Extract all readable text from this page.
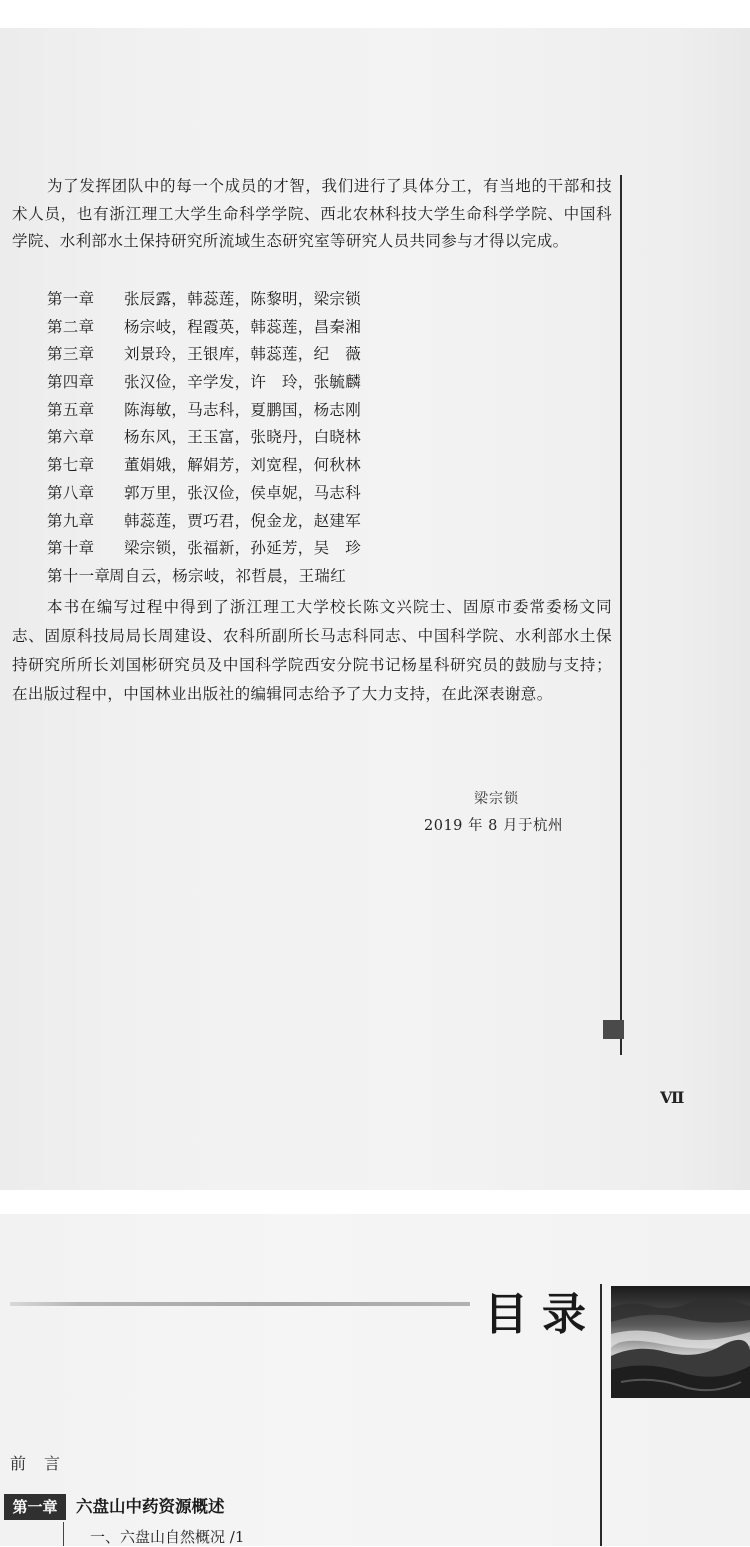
为了发挥团队中的每一个成员的才智，我们进行了具体分工，有当地的干部和技术人员，也有浙江理工大学生命科学学院、西北农林科技大学生命科学学院、中国科学院、水利部水土保持研究所流域生态研究室等研究人员共同参与才得以完成。

第一章 张辰露，韩蕊莲，陈黎明，梁宗锁
第二章 杨宗岐，程霞英，韩蕊莲，昌秦湘
第三章 刘景玲，王银库，韩蕊莲，纪　薇
第四章 张汉俭，辛学发，许　玲，张毓麟
第五章 陈海敏，马志科，夏鹏国，杨志刚
第六章 杨东风，王玉富，张晓丹，白晓林
第七章 董娟娥，解娟芳，刘宽程，何秋林
第八章 郭万里，张汉俭，侯卓妮，马志科
第九章 韩蕊莲，贾巧君，倪金龙，赵建军
第十章 梁宗锁，张福新，孙延芳，吴　珍
第十一章周自云，杨宗岐，祁哲晨，王瑞红

本书在编写过程中得到了浙江理工大学校长陈文兴院士、固原市委常委杨文同志、固原科技局局长周建设、农科所副所长马志科同志、中国科学院、水利部水土保持研究所所长刘国彬研究员及中国科学院西安分院书记杨星科研究员的鼓励与支持；在出版过程中，中国林业出版社的编辑同志给予了大力支持，在此深表谢意。

梁宗锁
2019 年 8 月于杭州
Ⅶ
目录
前言
第一章	六盘山中药资源概述
一、六盘山自然概况 /1
